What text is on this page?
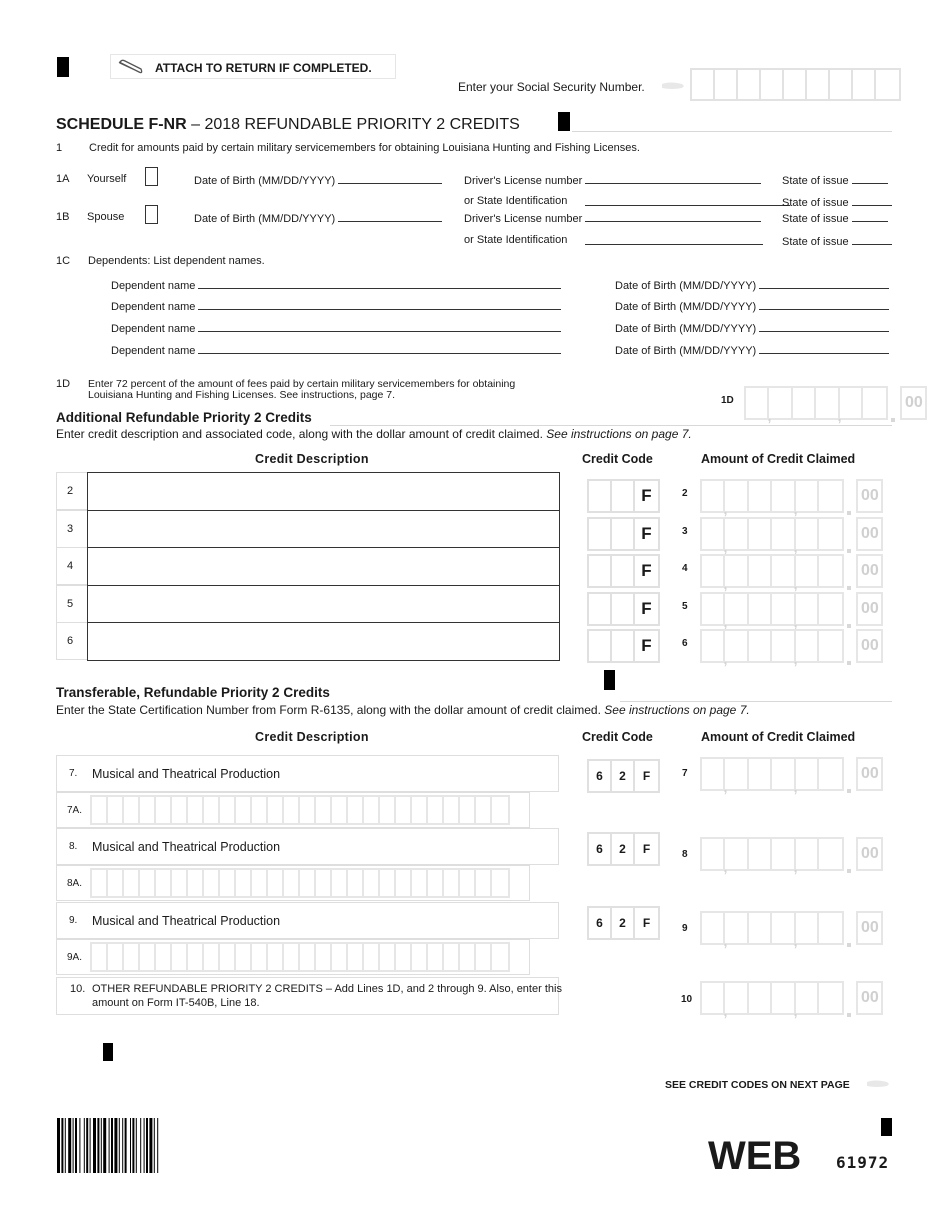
ATTACH TO RETURN IF COMPLETED.
Enter your Social Security Number.
SCHEDULE F-NR – 2018 REFUNDABLE PRIORITY 2 CREDITS
1 Credit for amounts paid by certain military servicemembers for obtaining Louisiana Hunting and Fishing Licenses.
1A Yourself	Date of Birth (MM/DD/YYYY)	Driver's License number	State of issue
or State Identification	State of issue
1B Spouse	Date of Birth (MM/DD/YYYY)	Driver's License number	State of issue
or State Identification	State of issue
1C Dependents: List dependent names.
Dependent name	Date of Birth (MM/DD/YYYY)
Dependent name	Date of Birth (MM/DD/YYYY)
Dependent name	Date of Birth (MM/DD/YYYY)
Dependent name	Date of Birth (MM/DD/YYYY)
1D Enter 72 percent of the amount of fees paid by certain military servicemembers for obtaining
Louisiana Hunting and Fishing Licenses. See instructions, page 7.	1D
Additional Refundable Priority 2 Credits
Enter credit description and associated code, along with the dollar amount of credit claimed. See instructions on page 7.
Credit Description	Credit Code	Amount of Credit Claimed
Transferable, Refundable Priority 2 Credits
Enter the State Certification Number from Form R-6135, along with the dollar amount of credit claimed. See instructions on page 7.
Credit Description	Credit Code	Amount of Credit Claimed
10. OTHER REFUNDABLE PRIORITY 2 CREDITS – Add Lines 1D, and 2 through 9. Also, enter this
amount on Form IT-540B, Line 18.	10
SEE CREDIT CODES ON NEXT PAGE
WEB 61972
,
,
00
2	F	2 , ,	00
3	F	3 , ,	00
4	F	4 , ,	00
5	F	5 , ,	00
6	F	6 , ,	00
7. Musical and Theatrical Production
7A.
6	2	F	7 , ,	00
8. Musical and Theatrical Production
8A.
6	2	F	8 , ,	00
9. Musical and Theatrical Production
9A.
6	2	F	9 , ,	00
,
,
00
